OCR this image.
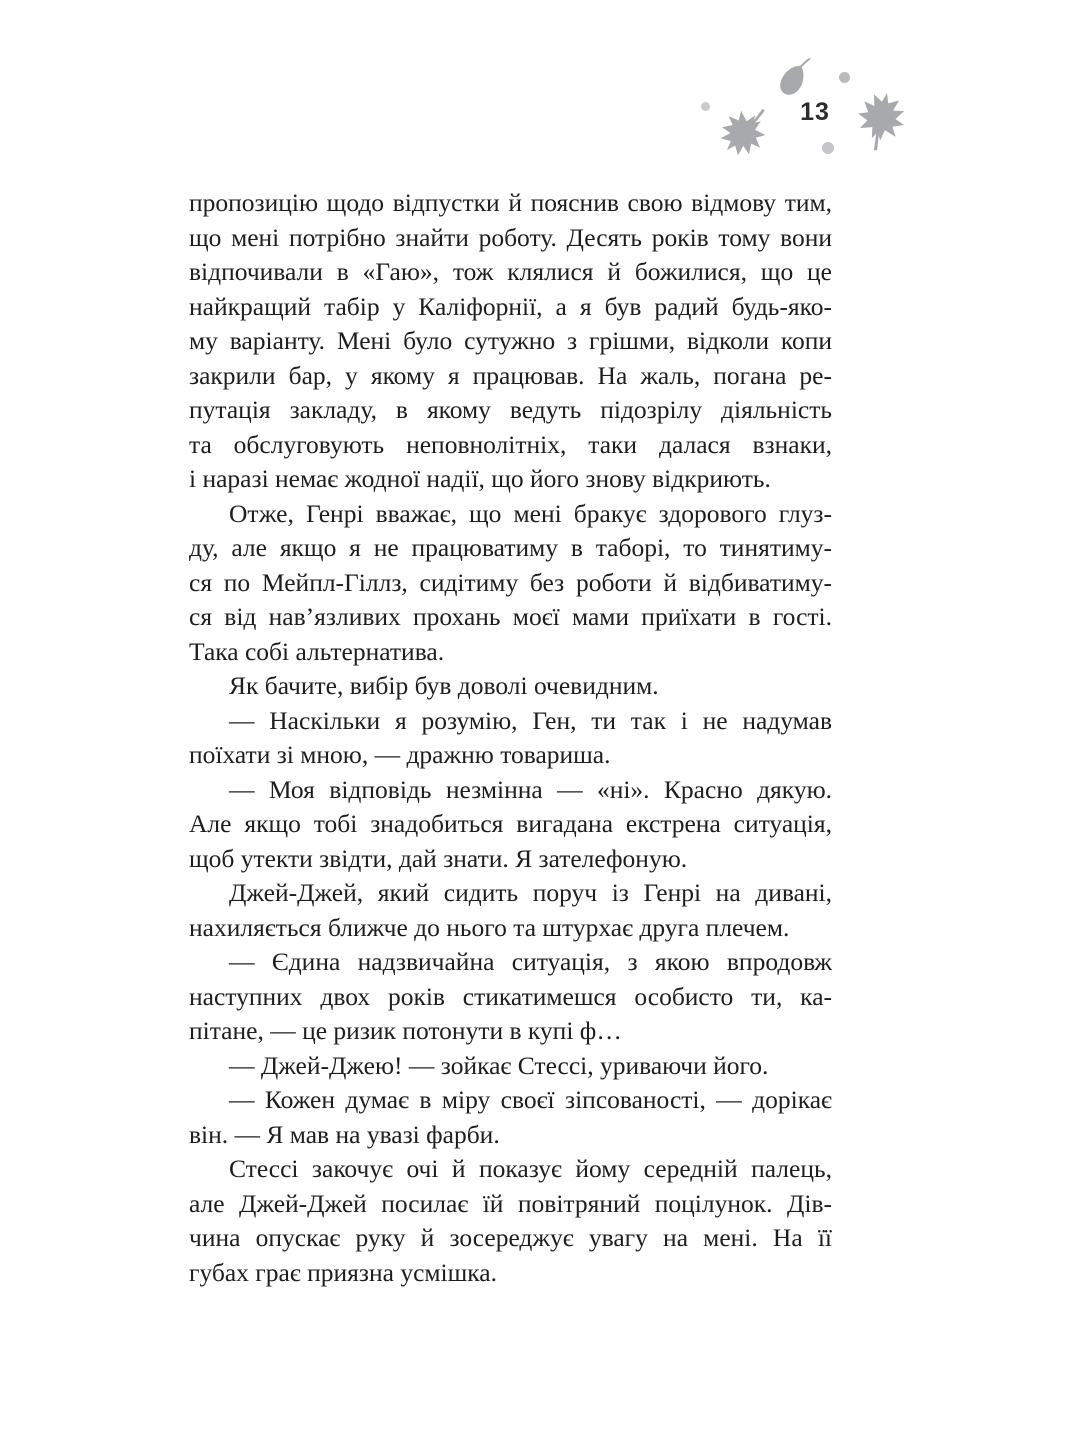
13
пропозицію щодо відпустки й пояснив свою відмову тим,
що мені потрібно знайти роботу. Десять років тому вони
відпочивали в «Гаю», тож клялися й божилися, що це
найкращий табір у Каліфорнії, а я був радий будь-яко-
му варіанту. Мені було сутужно з грішми, відколи копи
закрили бар, у якому я працював. На жаль, погана ре-
путація закладу, в якому ведуть підозрілу діяльність
та обслуговують неповнолітніх, таки далася взнаки,
і наразі немає жодної надії, що його знову відкриють.
Отже, Генрі вважає, що мені бракує здорового глуз-
ду, але якщо я не працюватиму в таборі, то тинятиму-
ся по Мейпл-Гіллз, сидітиму без роботи й відбиватиму-
ся від нав’язливих прохань моєї мами приїхати в гості.
Така собі альтернатива.
Як бачите, вибір був доволі очевидним.
— Наскільки я розумію, Ген, ти так і не надумав
поїхати зі мною, — дражню товариша.
— Моя відповідь незмінна — «ні». Красно дякую.
Але якщо тобі знадобиться вигадана екстрена ситуація,
щоб утекти звідти, дай знати. Я зателефоную.
Джей-Джей, який сидить поруч із Генрі на дивані,
нахиляється ближче до нього та штурхає друга плечем.
— Єдина надзвичайна ситуація, з якою впродовж
наступних двох років стикатимешся особисто ти, ка-
пітане, — це ризик потонути в купі ф…
— Джей-Джею! — зойкає Стессі, уриваючи його.
— Кожен думає в міру своєї зіпсованості, — дорікає
він. — Я мав на увазі фарби.
Стессі закочує очі й показує йому середній палець,
але Джей-Джей посилає їй повітряний поцілунок. Дів-
чина опускає руку й зосереджує увагу на мені. На її
губах грає приязна усмішка.
